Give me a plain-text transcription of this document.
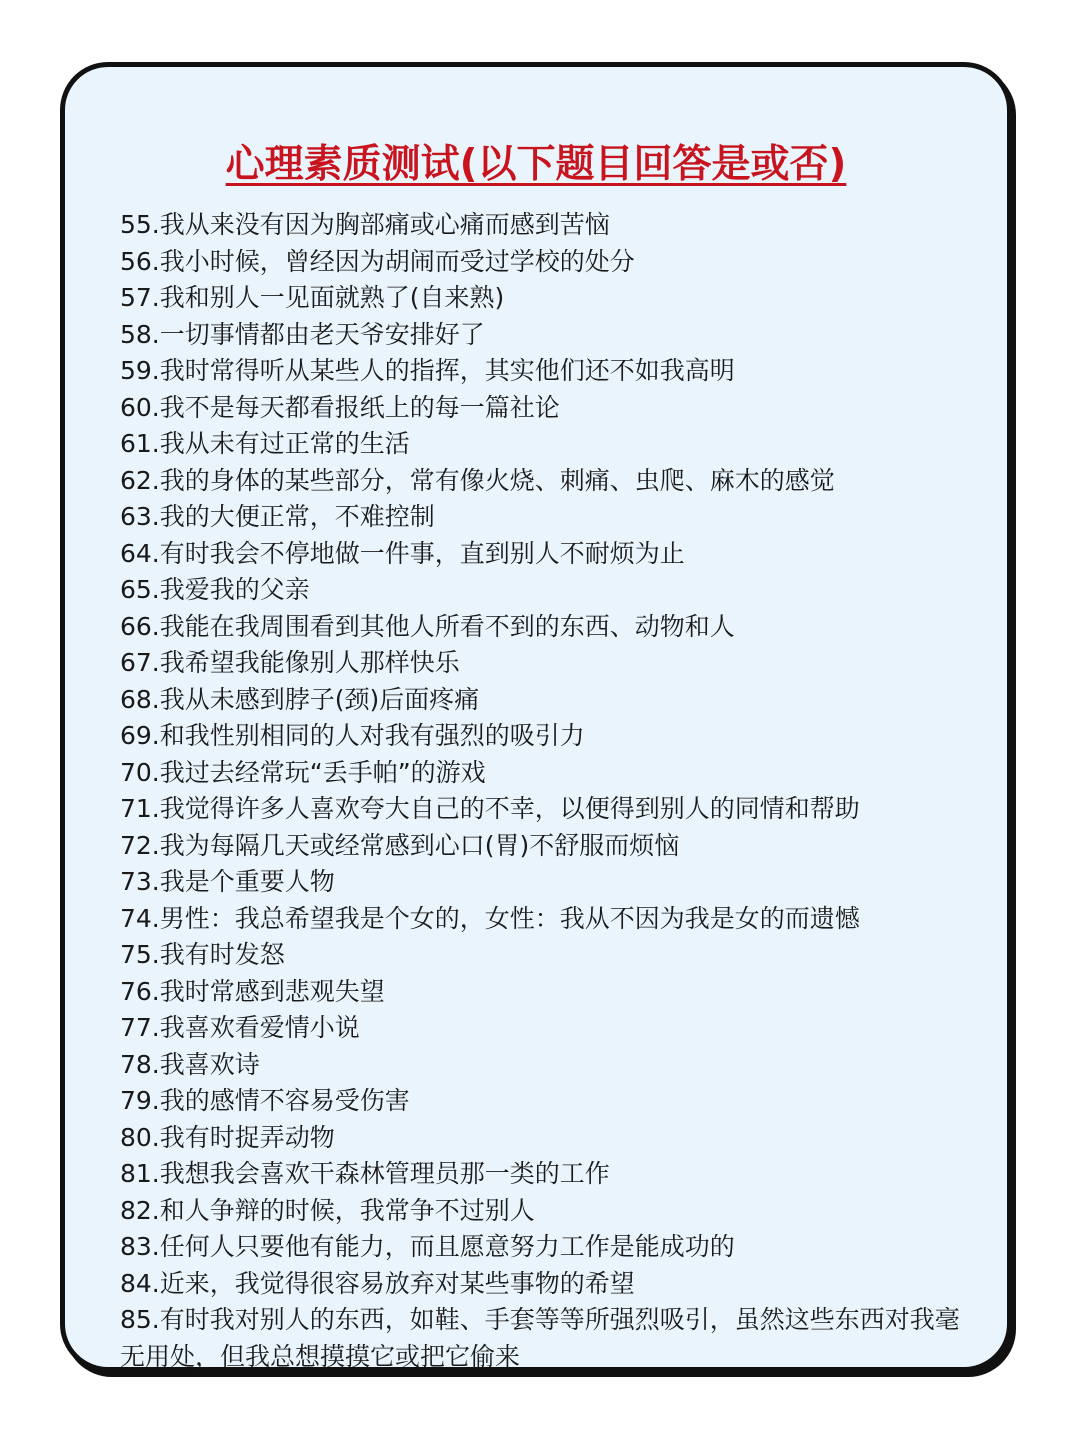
心理素质测试(以下题目回答是或否)
55.我从来没有因为胸部痛或心痛而感到苦恼
56.我小时候，曾经因为胡闹而受过学校的处分
57.我和别人一见面就熟了(自来熟)
58.一切事情都由老天爷安排好了
59.我时常得听从某些人的指挥，其实他们还不如我高明
60.我不是每天都看报纸上的每一篇社论
61.我从未有过正常的生活
62.我的身体的某些部分，常有像火烧、刺痛、虫爬、麻木的感觉
63.我的大便正常，不难控制
64.有时我会不停地做一件事，直到别人不耐烦为止
65.我爱我的父亲
66.我能在我周围看到其他人所看不到的东西、动物和人
67.我希望我能像别人那样快乐
68.我从未感到脖子(颈)后面疼痛
69.和我性别相同的人对我有强烈的吸引力
70.我过去经常玩“丢手帕”的游戏
71.我觉得许多人喜欢夸大自己的不幸，以便得到别人的同情和帮助
72.我为每隔几天或经常感到心口(胃)不舒服而烦恼
73.我是个重要人物
74.男性：我总希望我是个女的，女性：我从不因为我是女的而遗憾
75.我有时发怒
76.我时常感到悲观失望
77.我喜欢看爱情小说
78.我喜欢诗
79.我的感情不容易受伤害
80.我有时捉弄动物
81.我想我会喜欢干森林管理员那一类的工作
82.和人争辩的时候，我常争不过别人
83.任何人只要他有能力，而且愿意努力工作是能成功的
84.近来，我觉得很容易放弃对某些事物的希望
85.有时我对别人的东西，如鞋、手套等等所强烈吸引，虽然这些东西对我毫无用处，但我总想摸摸它或把它偷来
